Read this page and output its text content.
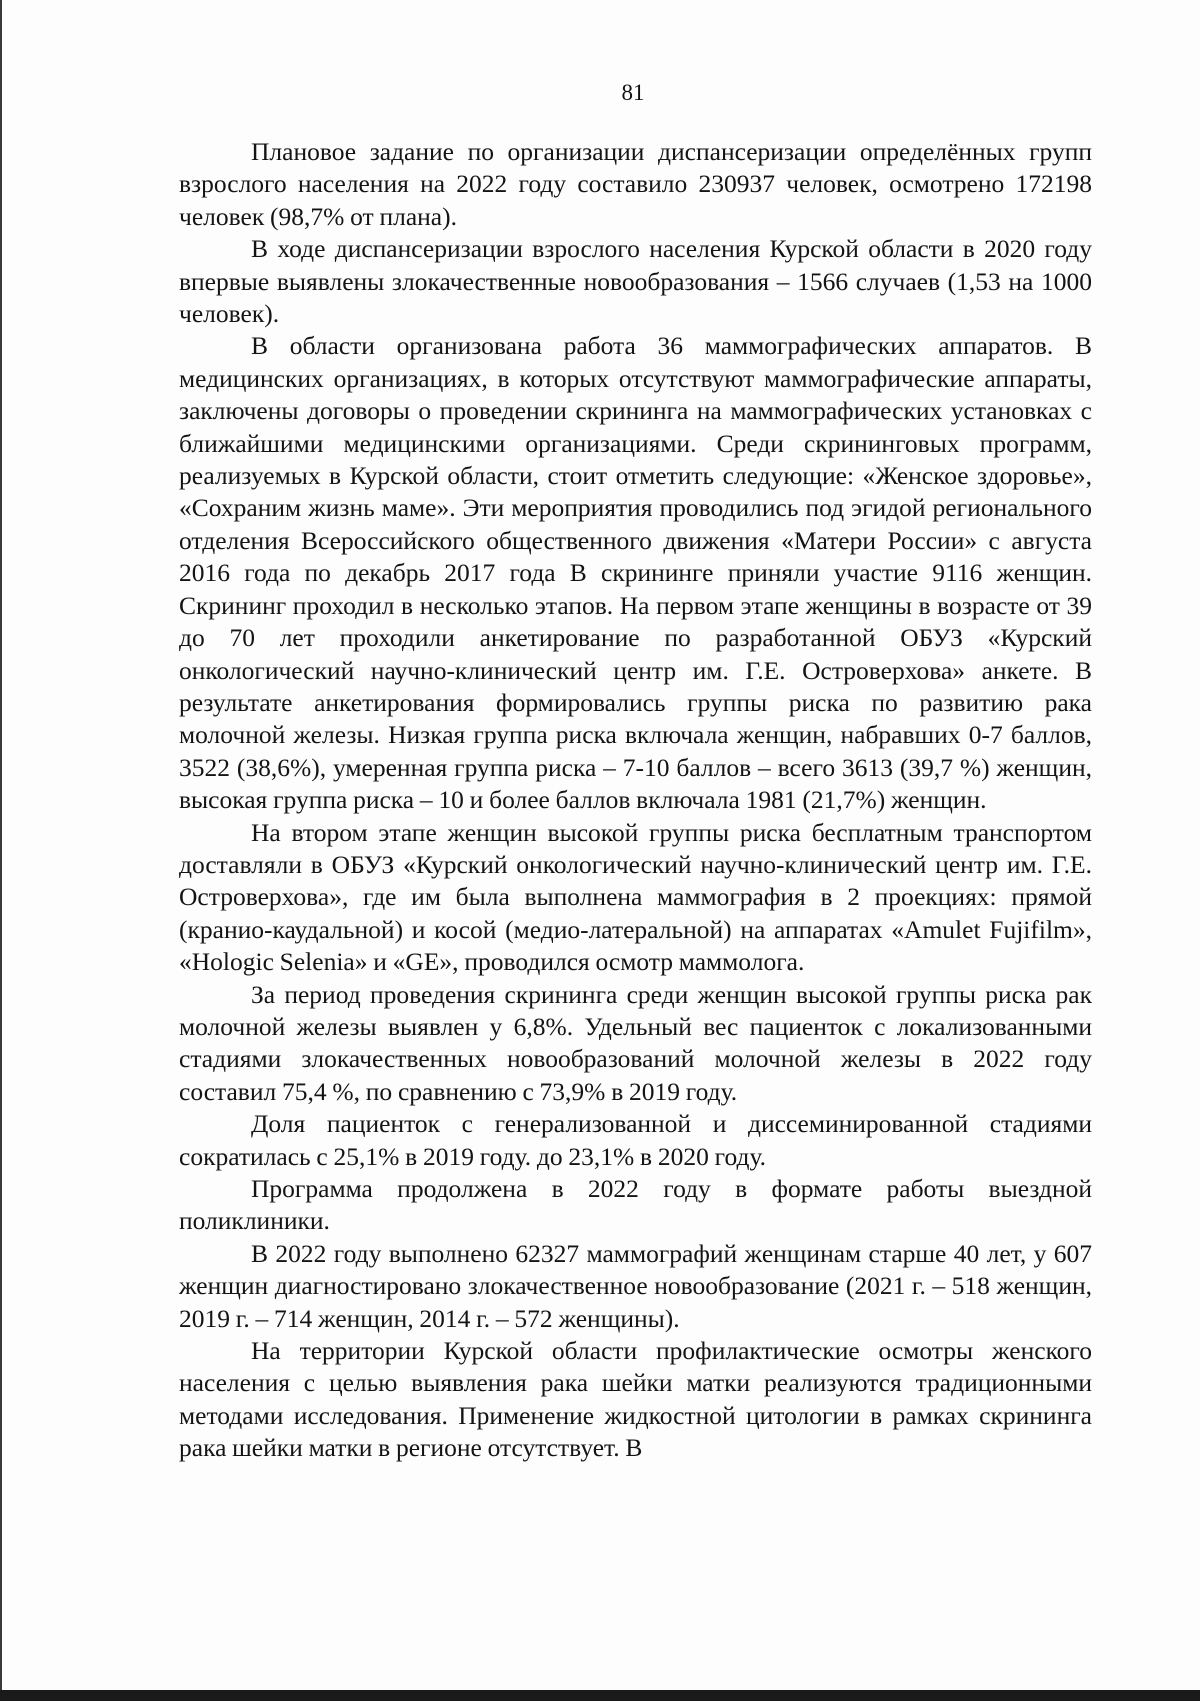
81

Плановое задание по организации диспансеризации определённых групп взрослого населения на 2022 году составило 230937 человек, осмотрено 172198 человек (98,7% от плана).

В ходе диспансеризации взрослого населения Курской области в 2020 году впервые выявлены злокачественные новообразования – 1566 случаев (1,53 на 1000 человек).

В области организована работа 36 маммографических аппаратов. В медицинских организациях, в которых отсутствуют маммографические аппараты, заключены договоры о проведении скрининга на маммографических установках с ближайшими медицинскими организациями. Среди скрининговых программ, реализуемых в Курской области, стоит отметить следующие: «Женское здоровье», «Сохраним жизнь маме». Эти мероприятия проводились под эгидой регионального отделения Всероссийского общественного движения «Матери России» с августа 2016 года по декабрь 2017 года В скрининге приняли участие 9116 женщин. Скрининг проходил в несколько этапов. На первом этапе женщины в возрасте от 39 до 70 лет проходили анкетирование по разработанной ОБУЗ «Курский онкологический научно-клинический центр им. Г.Е. Островерхова» анкете. В результате анкетирования формировались группы риска по развитию рака молочной железы. Низкая группа риска включала женщин, набравших 0-7 баллов, 3522 (38,6%), умеренная группа риска – 7-10 баллов – всего 3613 (39,7 %) женщин, высокая группа риска – 10 и более баллов включала 1981 (21,7%) женщин.

На втором этапе женщин высокой группы риска бесплатным транспортом доставляли в ОБУЗ «Курский онкологический научно-клинический центр им. Г.Е. Островерхова», где им была выполнена маммография в 2 проекциях: прямой (кранио-каудальной) и косой (медио-латеральной) на аппаратах «Amulet Fujifilm», «Hologic Selenia» и «GE», проводился осмотр маммолога.

За период проведения скрининга среди женщин высокой группы риска рак молочной железы выявлен у 6,8%. Удельный вес пациенток с локализованными стадиями злокачественных новообразований молочной железы в 2022 году составил 75,4 %, по сравнению с 73,9% в 2019 году.

Доля пациенток с генерализованной и диссеминированной стадиями сократилась с 25,1% в 2019 году. до 23,1% в 2020 году.

Программа продолжена в 2022 году в формате работы выездной поликлиники.

В 2022 году выполнено 62327 маммографий женщинам старше 40 лет, у 607 женщин диагностировано злокачественное новообразование (2021 г. – 518 женщин, 2019 г. – 714 женщин, 2014 г. – 572 женщины).

На территории Курской области профилактические осмотры женского населения с целью выявления рака шейки матки реализуются традиционными методами исследования. Применение жидкостной цитологии в рамках скрининга рака шейки матки в регионе отсутствует. В
